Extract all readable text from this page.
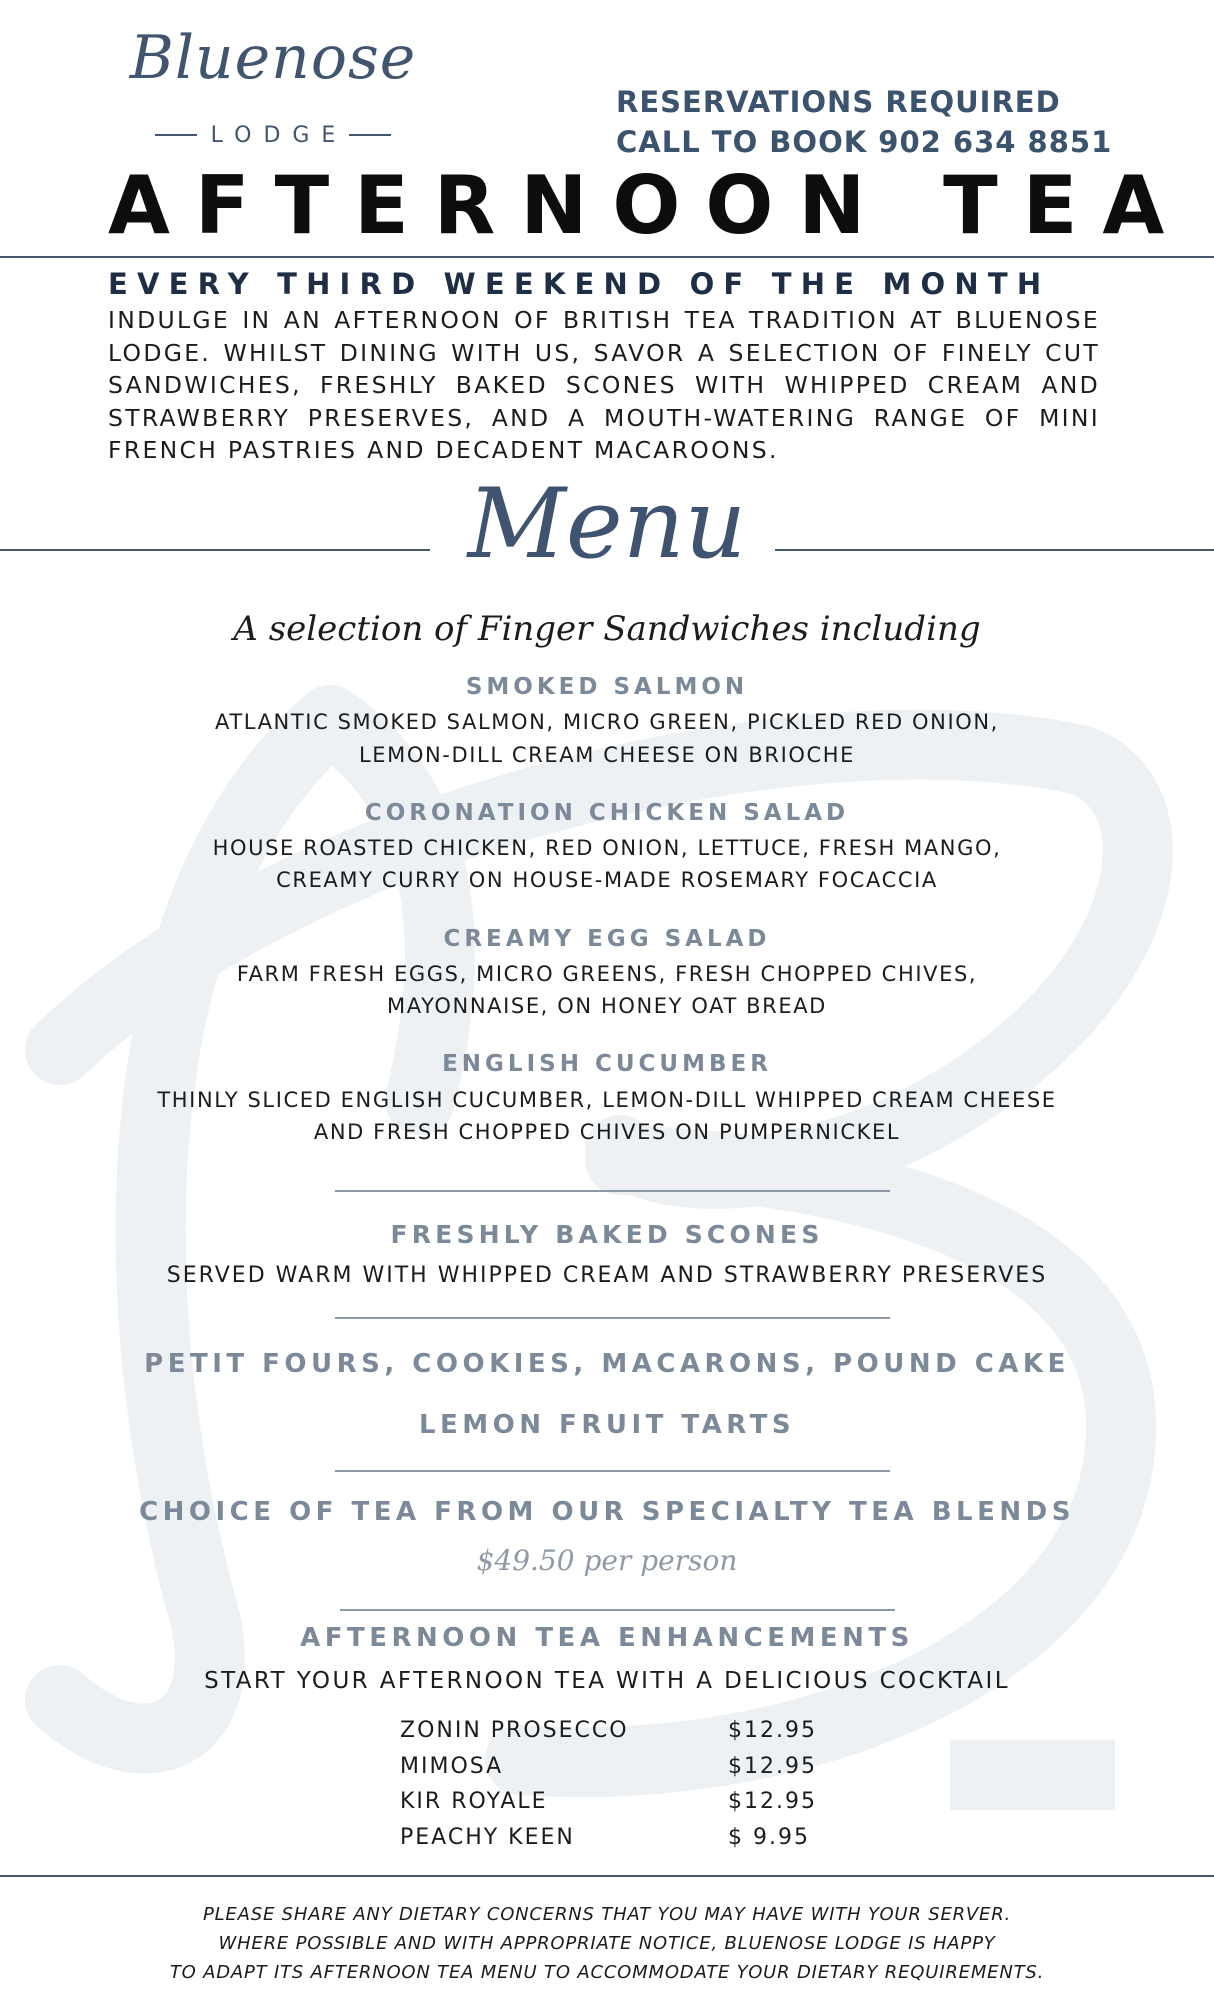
Bluenose
LODGE
RESERVATIONS REQUIRED
CALL TO BOOK 902 634 8851
AFTERNOON TEA
EVERY THIRD WEEKEND OF THE MONTH
INDULGE IN AN AFTERNOON OF BRITISH TEA TRADITION AT BLUENOSE LODGE. WHILST DINING WITH US, SAVOR A SELECTION OF FINELY CUT SANDWICHES, FRESHLY BAKED SCONES WITH WHIPPED CREAM AND STRAWBERRY PRESERVES, AND A MOUTH-WATERING RANGE OF MINI FRENCH PASTRIES AND DECADENT MACAROONS.
Menu
A selection of Finger Sandwiches including
SMOKED SALMON
ATLANTIC SMOKED SALMON, MICRO GREEN, PICKLED RED ONION,
LEMON-DILL CREAM CHEESE ON BRIOCHE
CORONATION CHICKEN SALAD
HOUSE ROASTED CHICKEN, RED ONION, LETTUCE, FRESH MANGO,
CREAMY CURRY ON HOUSE-MADE ROSEMARY FOCACCIA
CREAMY EGG SALAD
FARM FRESH EGGS, MICRO GREENS, FRESH CHOPPED CHIVES,
MAYONNAISE, ON HONEY OAT BREAD
ENGLISH CUCUMBER
THINLY SLICED ENGLISH CUCUMBER, LEMON-DILL WHIPPED CREAM CHEESE
AND FRESH CHOPPED CHIVES ON PUMPERNICKEL
FRESHLY BAKED SCONES
SERVED WARM WITH WHIPPED CREAM AND STRAWBERRY PRESERVES
PETIT FOURS, COOKIES, MACARONS, POUND CAKE
LEMON FRUIT TARTS
CHOICE OF TEA FROM OUR SPECIALTY TEA BLENDS
$49.50 per person
AFTERNOON TEA ENHANCEMENTS
START YOUR AFTERNOON TEA WITH A DELICIOUS COCKTAIL
ZONIN PROSECCO	$12.95
MIMOSA	$12.95
KIR ROYALE	$12.95
PEACHY KEEN	$ 9.95
PLEASE SHARE ANY DIETARY CONCERNS THAT YOU MAY HAVE WITH YOUR SERVER.
WHERE POSSIBLE AND WITH APPROPRIATE NOTICE, BLUENOSE LODGE IS HAPPY
TO ADAPT ITS AFTERNOON TEA MENU TO ACCOMMODATE YOUR DIETARY REQUIREMENTS.
